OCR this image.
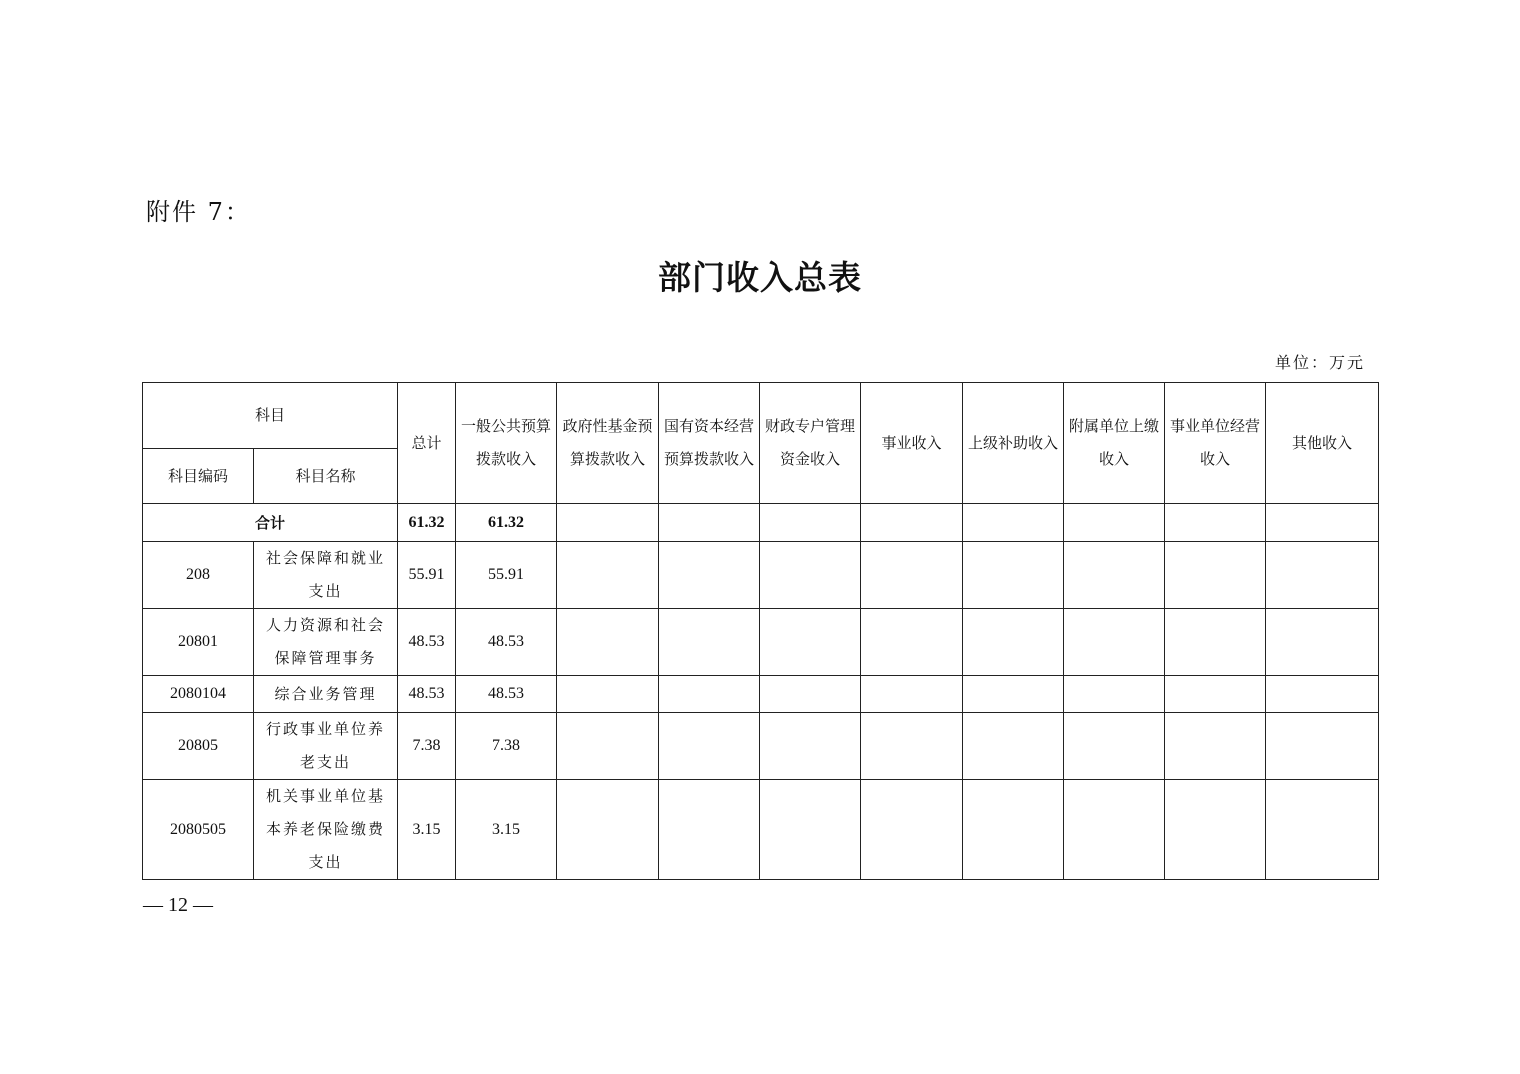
附件 7：
部门收入总表
单位：万元
科目		总计	一般公共预算拨款收入	政府性基金预算拨款收入	国有资本经营预算拨款收入	财政专户管理资金收入	事业收入	上级补助收入	附属单位上缴收入	事业单位经营收入	其他收入
科目编码	科目名称										
合计		61.32	61.32								
208	社会保障和就业支出	55.91	55.91								
20801	人力资源和社会保障管理事务	48.53	48.53								
2080104	综合业务管理	48.53	48.53								
20805	行政事业单位养老支出	7.38	7.38								
2080505	机关事业单位基本养老保险缴费支出	3.15	3.15								
— 12 —
